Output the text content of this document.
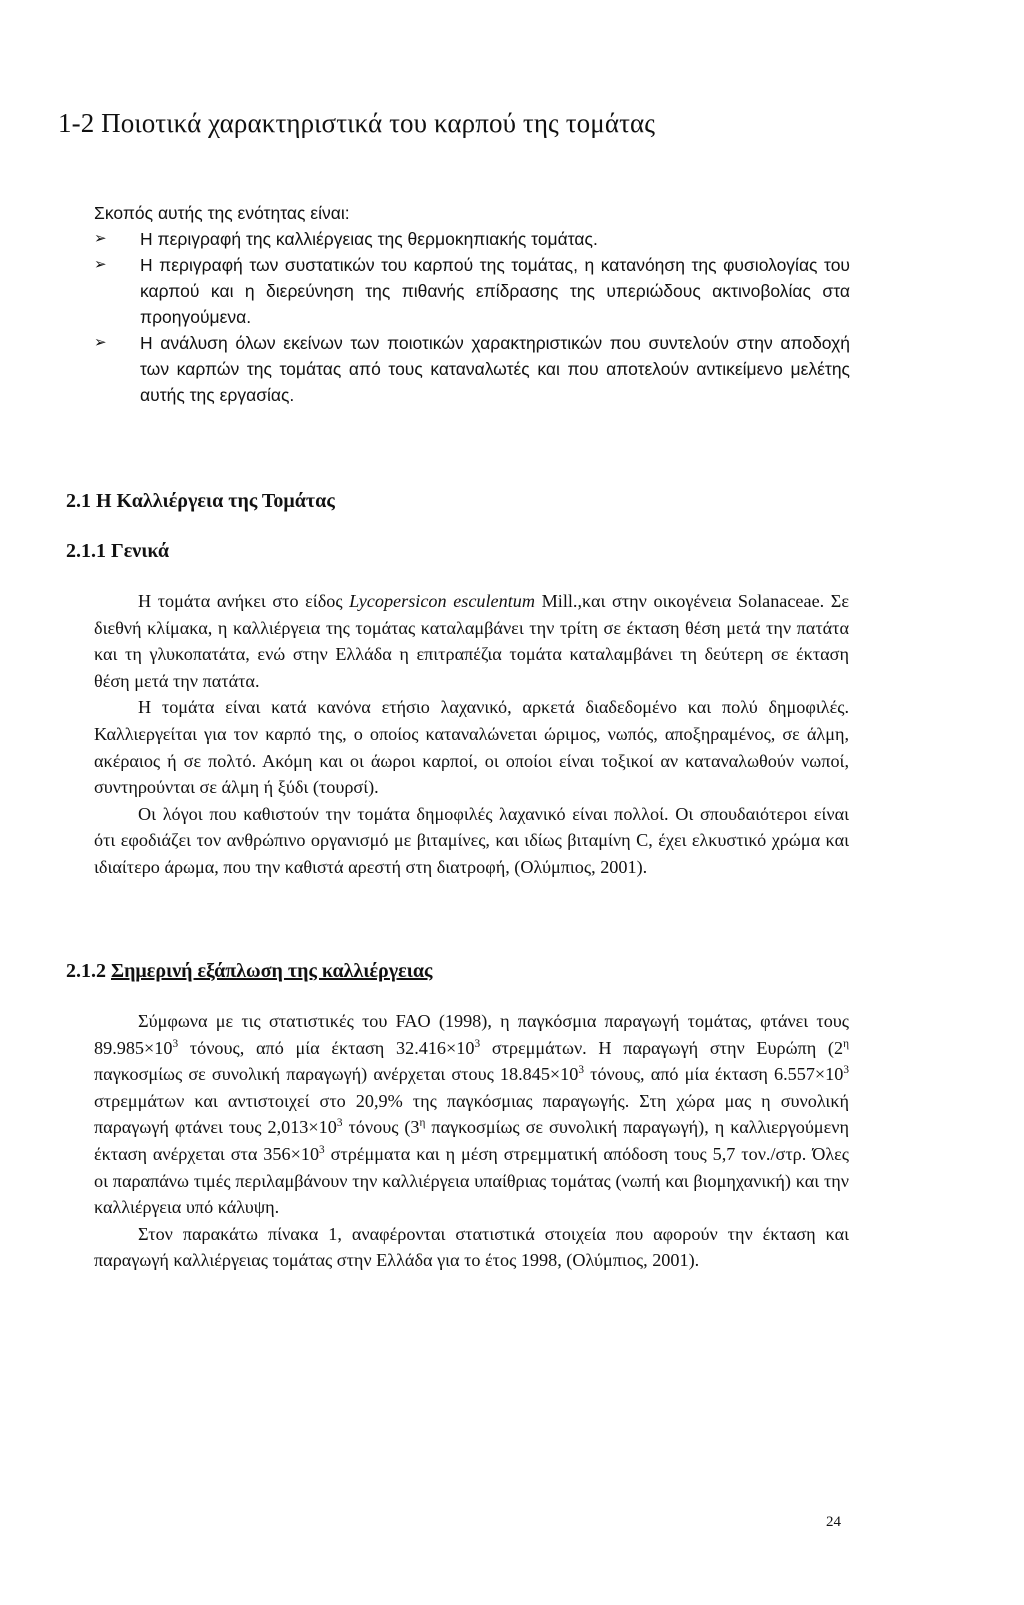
1-2 Ποιοτικά χαρακτηριστικά του καρπού της τομάτας

Σκοπός αυτής της ενότητας είναι:

➢ Η περιγραφή της καλλιέργειας της θερμοκηπιακής τομάτας.
➢ Η περιγραφή των συστατικών του καρπού της τομάτας, η κατανόηση της φυσιολογίας του καρπού και η διερεύνηση της πιθανής επίδρασης της υπεριώδους ακτινοβολίας στα προηγούμενα.
➢ Η ανάλυση όλων εκείνων των ποιοτικών χαρακτηριστικών που συντελούν στην αποδοχή των καρπών της τομάτας από τους καταναλωτές και που αποτελούν αντικείμενο μελέτης αυτής της εργασίας.
2.1 Η Καλλιέργεια της Τομάτας
2.1.1 Γενικά

Η τομάτα ανήκει στο είδος Lycopersicon esculentum Mill.,και στην οικογένεια Solanaceae. Σε διεθνή κλίμακα, η καλλιέργεια της τομάτας καταλαμβάνει την τρίτη σε έκταση θέση μετά την πατάτα και τη γλυκοπατάτα, ενώ στην Ελλάδα η επιτραπέζια τομάτα καταλαμβάνει τη δεύτερη σε έκταση θέση μετά την πατάτα.

Η τομάτα είναι κατά κανόνα ετήσιο λαχανικό, αρκετά διαδεδομένο και πολύ δημοφιλές. Καλλιεργείται για τον καρπό της, ο οποίος καταναλώνεται ώριμος, νωπός, αποξηραμένος, σε άλμη, ακέραιος ή σε πολτό. Ακόμη και οι άωροι καρποί, οι οποίοι είναι τοξικοί αν καταναλωθούν νωποί, συντηρούνται σε άλμη ή ξύδι (τουρσί).

Οι λόγοι που καθιστούν την τομάτα δημοφιλές λαχανικό είναι πολλοί. Οι σπουδαιότεροι είναι ότι εφοδιάζει τον ανθρώπινο οργανισμό με βιταμίνες, και ιδίως βιταμίνη C, έχει ελκυστικό χρώμα και ιδιαίτερο άρωμα, που την καθιστά αρεστή στη διατροφή, (Ολύμπιος, 2001).

2.1.2 Σημερινή εξάπλωση της καλλιέργειας

Σύμφωνα με τις στατιστικές του FAO (1998), η παγκόσμια παραγωγή τομάτας, φτάνει τους $89.985\times 10^3$ τόνους, από μία έκταση $32.416\times 10^3$ στρεμμάτων. Η παραγωγή στην Ευρώπη ($2^\eta$ παγκοσμίως σε συνολική παραγωγή) ανέρχεται στους $18.845\times 10^3$ τόνους, από μία έκταση $6.557\times 10^3$ στρεμμάτων και αντιστοιχεί στο 20,9% της παγκόσμιας παραγωγής. Στη χώρα μας η συνολική παραγωγή φτάνει τους $2,013\times 10^3$ τόνους ($3^\eta$ παγκοσμίως σε συνολική παραγωγή), η καλλιεργούμενη έκταση ανέρχεται στα $356\times 10^3$ στρέμματα και η μέση στρεμματική απόδοση τους 5,7 τον./στρ. Όλες οι παραπάνω τιμές περιλαμβάνουν την καλλιέργεια υπαίθριας τομάτας (νωπή και βιομηχανική) και την καλλιέργεια υπό κάλυψη.

Στον παρακάτω πίνακα 1, αναφέρονται στατιστικά στοιχεία που αφορούν την έκταση και παραγωγή καλλιέργειας τομάτας στην Ελλάδα για το έτος 1998, (Ολύμπιος, 2001).

24
